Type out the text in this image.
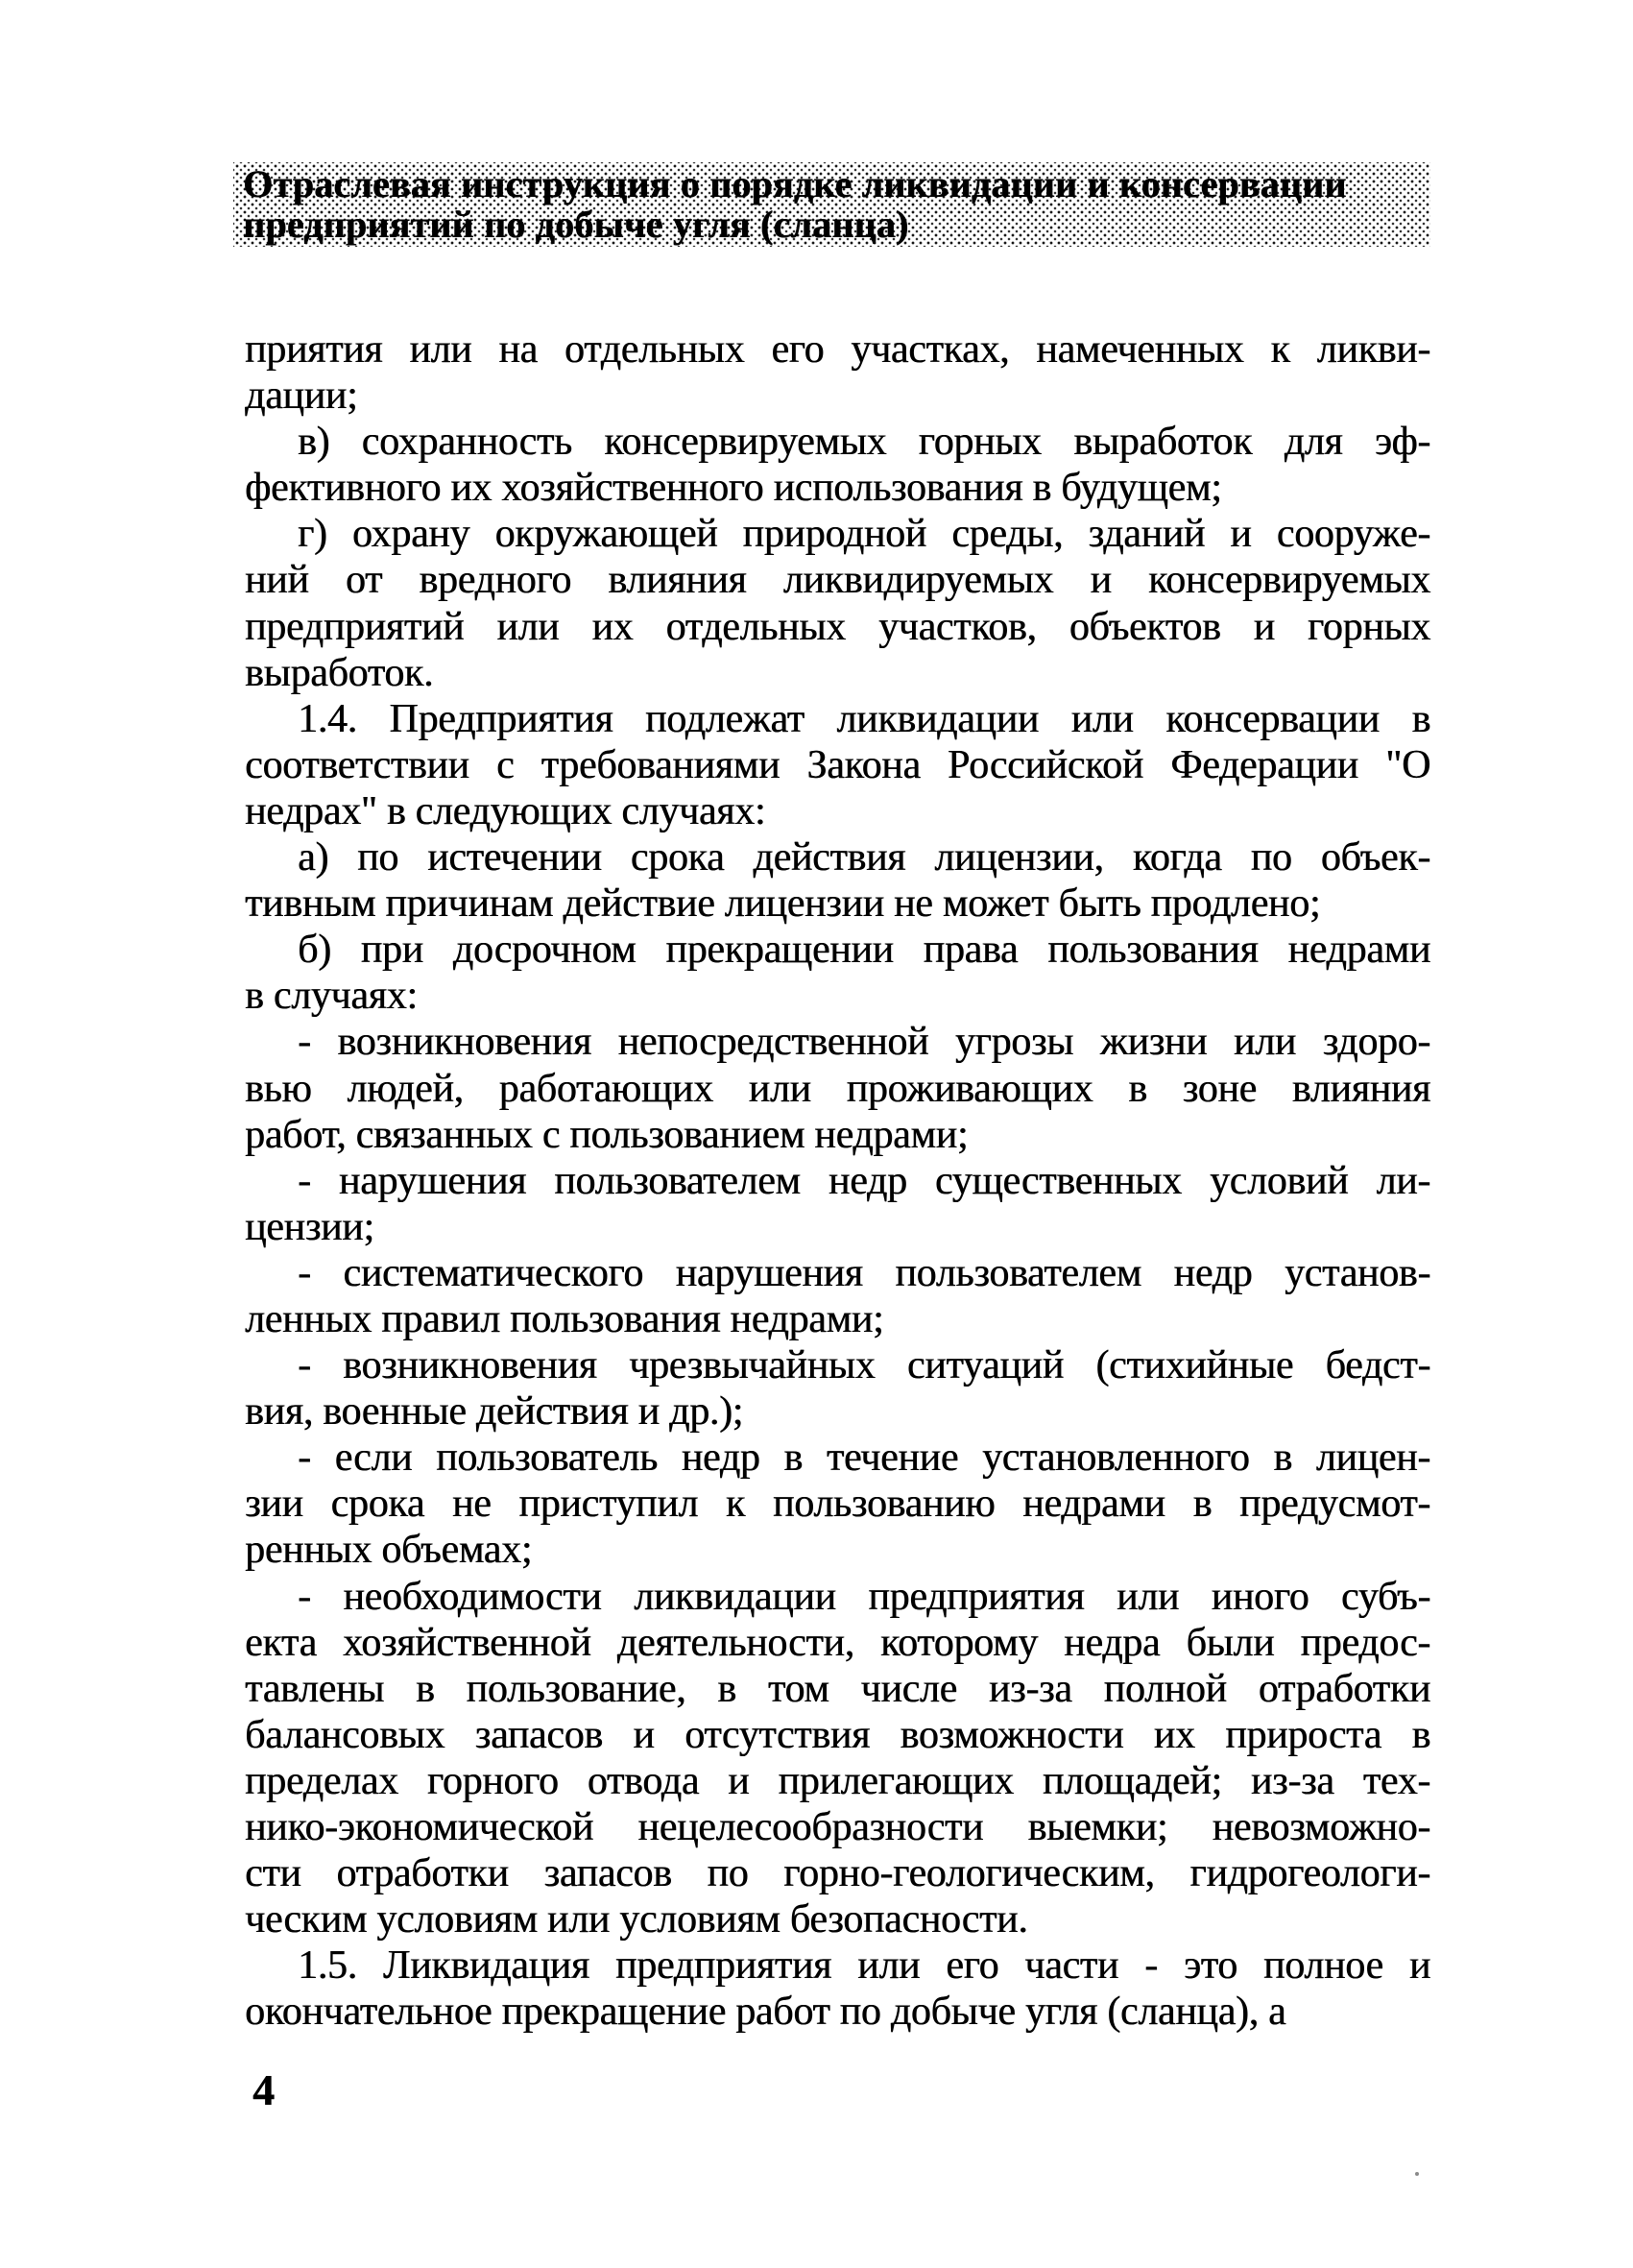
Отраслевая инструкция о порядке ликвидации и консервации
предприятий по добыче угля (сланца)
приятия или на отдельных его участках, намеченных к ликви-
дации;
в) сохранность консервируемых горных выработок для эф-
фективного их хозяйственного использования в будущем;
г) охрану окружающей природной среды, зданий и сооруже-
ний от вредного влияния ликвидируемых и консервируемых
предприятий или их отдельных участков, объектов и горных
выработок.
1.4. Предприятия подлежат ликвидации или консервации в
соответствии с требованиями Закона Российской Федерации "О
недрах" в следующих случаях:
а) по истечении срока действия лицензии, когда по объек-
тивным причинам действие лицензии не может быть продлено;
б) при досрочном прекращении права пользования недрами
в случаях:
- возникновения непосредственной угрозы жизни или здоро-
вью людей, работающих или проживающих в зоне влияния
работ, связанных с пользованием недрами;
- нарушения пользователем недр существенных условий ли-
цензии;
- систематического нарушения пользователем недр установ-
ленных правил пользования недрами;
- возникновения чрезвычайных ситуаций (стихийные бедст-
вия, военные действия и др.);
- если пользователь недр в течение установленного в лицен-
зии срока не приступил к пользованию недрами в предусмот-
ренных объемах;
- необходимости ликвидации предприятия или иного субъ-
екта хозяйственной деятельности, которому недра были предос-
тавлены в пользование, в том числе из-за полной отработки
балансовых запасов и отсутствия возможности их прироста в
пределах горного отвода и прилегающих площадей; из-за тех-
нико-экономической нецелесообразности выемки; невозможно-
сти отработки запасов по горно-геологическим, гидрогеологи-
ческим условиям или условиям безопасности.
1.5. Ликвидация предприятия или его части - это полное и
окончательное прекращение работ по добыче угля (сланца), а
4
